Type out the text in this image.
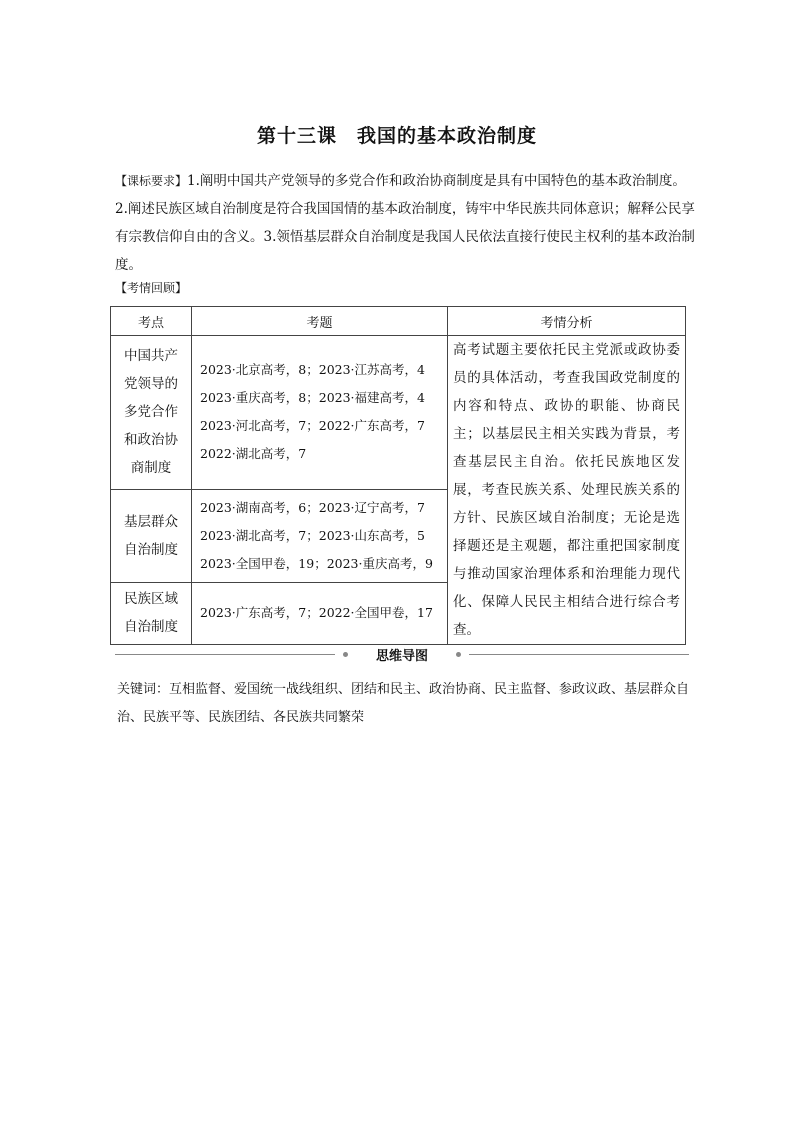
第十三课　我国的基本政治制度
【课标要求】1.阐明中国共产党领导的多党合作和政治协商制度是具有中国特色的基本政治制度。2.阐述民族区域自治制度是符合我国国情的基本政治制度，铸牢中华民族共同体意识；解释公民享有宗教信仰自由的含义。3.领悟基层群众自治制度是我国人民依法直接行使民主权利的基本政治制度。
【考情回顾】
考点	考题	考情分析
中国共产党领导的多党合作和政治协商制度	2023·北京高考，8；2023·江苏高考，4
2023·重庆高考，8；2023·福建高考，4
2023·河北高考，7；2022·广东高考，7
2022·湖北高考，7	高考试题主要依托民主党派或政协委员的具体活动，考查我国政党制度的内容和特点、政协的职能、协商民主；以基层民主相关实践为背景，考查基层民主自治。依托民族地区发展，考查民族关系、处理民族关系的方针、民族区域自治制度；无论是选择题还是主观题，都注重把国家制度与推动国家治理体系和治理能力现代化、保障人民民主相结合进行综合考查。
基层群众自治制度	2023·湖南高考，6；2023·辽宁高考，7
2023·湖北高考，7；2023·山东高考，5
2023·全国甲卷，19；2023·重庆高考，9	

民族区域自治制度	2023·广东高考，7；2022·全国甲卷，17	
思维导图
关键词：互相监督、爱国统一战线组织、团结和民主、政治协商、民主监督、参政议政、基层群众自治、民族平等、民族团结、各民族共同繁荣
